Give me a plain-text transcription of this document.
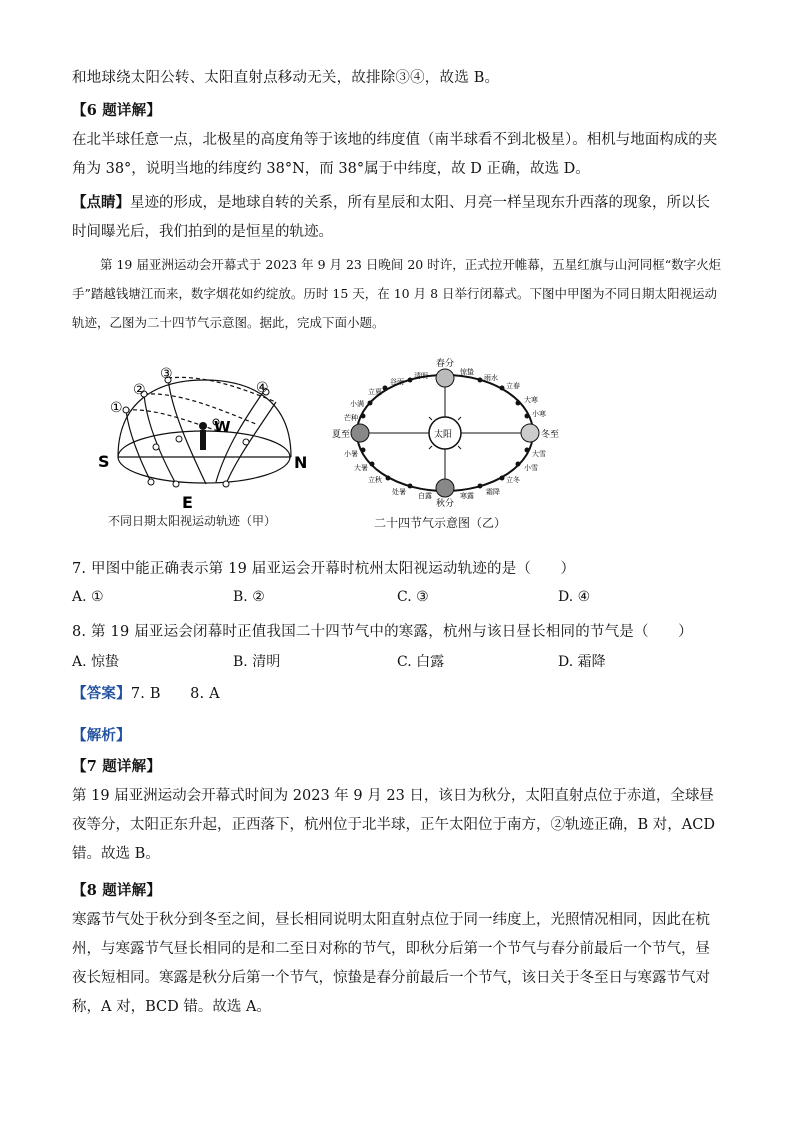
和地球绕太阳公转、太阳直射点移动无关，故排除③④，故选 B。
【6 题详解】
在北半球任意一点，北极星的高度角等于该地的纬度值（南半球看不到北极星）。相机与地面构成的夹角为 38°，说明当地的纬度约 38°N，而 38°属于中纬度，故 D 正确，故选 D。
【点睛】星迹的形成，是地球自转的关系，所有星辰和太阳、月亮一样呈现东升西落的现象，所以长时间曝光后，我们拍到的是恒星的轨迹。
第 19 届亚洲运动会开幕式于 2023 年 9 月 23 日晚间 20 时许，正式拉开帷幕，五星红旗与山河同框“数字火炬手”踏越钱塘江而来，数字烟花如约绽放。历时 15 天，在 10 月 8 日举行闭幕式。下图中甲图为不同日期太阳视运动轨迹，乙图为二十四节气示意图。据此，完成下面小题。
S	N
E
W
①
②
③
④
不同日期太阳视运动轨迹（甲）
太阳
春分
夏至
秋分
冬至
清明
谷雨
立夏
小满
芒种
小暑
大暑
立秋
处暑 白露	寒露 霜降
立冬
小雪
大雪
小寒
大寒
立春
雨水
惊蛰
二十四节气示意图（乙）
7. 甲图中能正确表示第 19 届亚运会开幕时杭州太阳视运动轨迹的是（　　）
A. ①	B. ②	C. ③	D. ④
8. 第 19 届亚运会闭幕时正值我国二十四节气中的寒露，杭州与该日昼长相同的节气是（　　）
A. 惊蛰	B. 清明	C. 白露	D. 霜降
【答案】7. B　　8. A
【解析】
【7 题详解】
第 19 届亚洲运动会开幕式时间为 2023 年 9 月 23 日，该日为秋分，太阳直射点位于赤道，全球昼夜等分，太阳正东升起，正西落下，杭州位于北半球，正午太阳位于南方，②轨迹正确，B 对，ACD 错。故选 B。
【8 题详解】
寒露节气处于秋分到冬至之间，昼长相同说明太阳直射点位于同一纬度上，光照情况相同，因此在杭州，与寒露节气昼长相同的是和二至日对称的节气，即秋分后第一个节气与春分前最后一个节气，昼夜长短相同。寒露是秋分后第一个节气，惊蛰是春分前最后一个节气，该日关于冬至日与寒露节气对称，A 对，BCD 错。故选 A。
